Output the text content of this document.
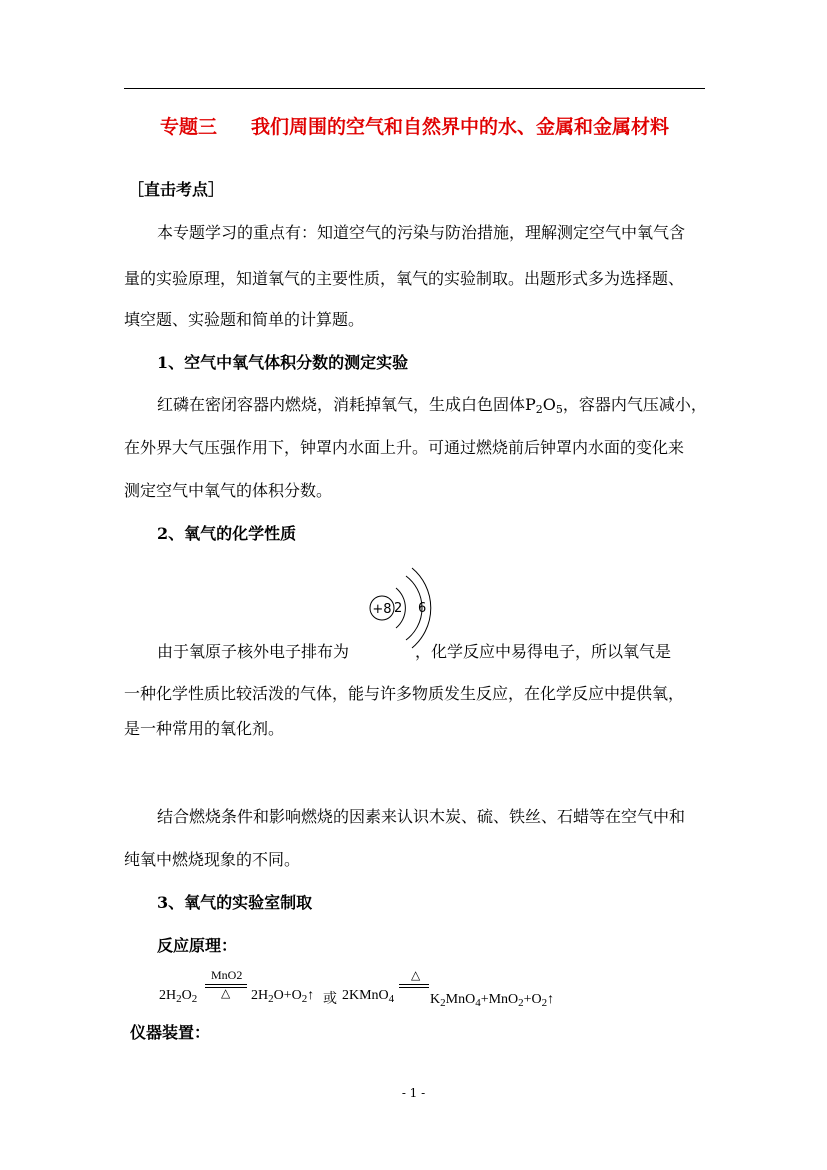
专题三 我们周围的空气和自然界中的水、金属和金属材料
［直击考点］
本专题学习的重点有：知道空气的污染与防治措施，理解测定空气中氧气含
量的实验原理，知道氧气的主要性质，氧气的实验制取。出题形式多为选择题、
填空题、实验题和简单的计算题。
1、空气中氧气体积分数的测定实验
红磷在密闭容器内燃烧，消耗掉氧气，生成白色固体$P_2O_5$，容器内气压减小，
在外界大气压强作用下，钟罩内水面上升。可通过燃烧前后钟罩内水面的变化来
测定空气中氧气的体积分数。
2、氧气的化学性质
+8 2 6
由于氧原子核外电子排布为	，化学反应中易得电子，所以氧气是
一种化学性质比较活泼的气体，能与许多物质发生反应，在化学反应中提供氧，
是一种常用的氧化剂。
结合燃烧条件和影响燃烧的因素来认识木炭、硫、铁丝、石蜡等在空气中和
纯氧中燃烧现象的不同。
3、氧气的实验室制取
反应原理：
$2H_2O_2$
MnO2
△ $2H_2O+O_2↑$ 或 2KMnO$_4$
△
$K_2MnO_4+MnO_2+O_2↑$
仪器装置：
- 1 -
